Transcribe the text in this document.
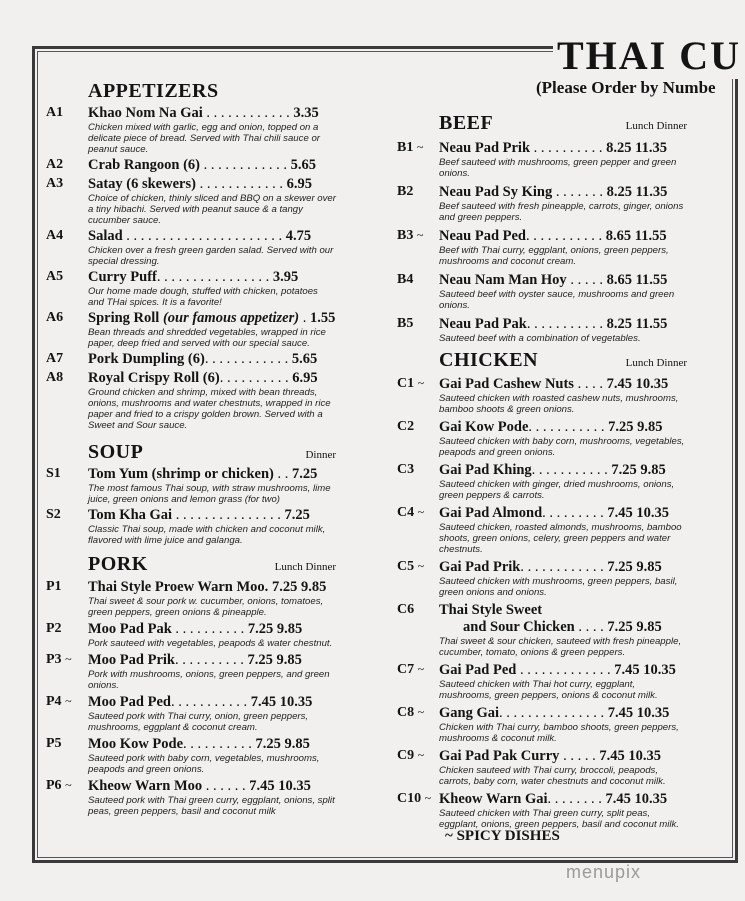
THAI CU
(Please Order by Numbe
APPETIZERS
A1	Khao Nom Na Gai . . . . . . . . . . . . 3.35
Chicken mixed with garlic, egg and onion, topped on a delicate piece of bread. Served with Thai chili sauce or peanut sauce.
A2	Crab Rangoon (6) . . . . . . . . . . . . 5.65
A3	Satay (6 skewers) . . . . . . . . . . . . 6.95
Choice of chicken, thinly sliced and BBQ on a skewer over a tiny hibachi. Served with peanut sauce & a tangy cucumber sauce.
A4	Salad . . . . . . . . . . . . . . . . . . . . . . 4.75
Chicken over a fresh green garden salad. Served with our special dressing.
A5	Curry Puff. . . . . . . . . . . . . . . . 3.95
Our home made dough, stuffed with chicken, potatoes and THai spices. It is a favorite!
A6	Spring Roll (our famous appetizer) . 1.55
Bean threads and shredded vegetables, wrapped in rice paper, deep fried and served with our special sauce.
A7	Pork Dumpling (6). . . . . . . . . . . . 5.65
A8	Royal Crispy Roll (6). . . . . . . . . . 6.95
Ground chicken and shrimp, mixed with bean threads, onions, mushrooms and water chestnuts, wrapped in rice paper and fried to a crispy golden brown. Served with a Sweet and Sour sauce.
SOUP	Dinner
S1	Tom Yum (shrimp or chicken) . . 7.25
The most famous Thai soup, with straw mushrooms, lime juice, green onions and lemon grass (for two)
S2	Tom Kha Gai . . . . . . . . . . . . . . . 7.25
Classic Thai soup, made with chicken and coconut milk, flavored with lime juice and galanga.
PORK	Lunch Dinner
P1	Thai Style Proew Warn Moo. 7.25 9.85
Thai sweet & sour pork w. cucumber, onions, tomatoes, green peppers, green onions & pineapple.
P2	Moo Pad Pak . . . . . . . . . . 7.25 9.85
Pork sauteed with vegetables, peapods & water chestnut.
P3 ~	Moo Pad Prik. . . . . . . . . . 7.25 9.85
Pork with mushrooms, onions, green peppers, and green onions.
P4 ~	Moo Pad Ped. . . . . . . . . . . 7.45 10.35
Sauteed pork with Thai curry, onion, green peppers, mushrooms, eggplant & coconut cream.
P5	Moo Kow Pode. . . . . . . . . . 7.25 9.85
Sauteed pork with baby corn, vegetables, mushrooms, peapods and green onions.
P6 ~	Kheow Warn Moo . . . . . . 7.45 10.35
Sauteed pork with Thai green curry, eggplant, onions, split peas, green peppers, basil and coconut milk
BEEF	Lunch Dinner
B1 ~	Neau Pad Prik . . . . . . . . . . 8.25 11.35
Beef sauteed with mushrooms, green pepper and green onions.
B2	Neau Pad Sy King . . . . . . . 8.25 11.35
Beef sauteed with fresh pineapple, carrots, ginger, onions and green peppers.
B3 ~	Neau Pad Ped. . . . . . . . . . . 8.65 11.55
Beef with Thai curry, eggplant, onions, green peppers, mushrooms and coconut cream.
B4	Neau Nam Man Hoy . . . . . 8.65 11.55
Sauteed beef with oyster sauce, mushrooms and green onions.
B5	Neau Pad Pak. . . . . . . . . . . 8.25 11.55
Sauteed beef with a combination of vegetables.
CHICKEN	Lunch Dinner
C1 ~	Gai Pad Cashew Nuts . . . . 7.45 10.35
Sauteed chicken with roasted cashew nuts, mushrooms, bamboo shoots & green onions.
C2	Gai Kow Pode. . . . . . . . . . . 7.25 9.85
Sauteed chicken with baby corn, mushrooms, vegetables, peapods and green onions.
C3	Gai Pad Khing. . . . . . . . . . . 7.25 9.85
Sauteed chicken with ginger, dried mushrooms, onions, green peppers & carrots.
C4 ~	Gai Pad Almond. . . . . . . . . 7.45 10.35
Sauteed chicken, roasted almonds, mushrooms, bamboo shoots, green onions, celery, green peppers and water chestnuts.
C5 ~	Gai Pad Prik. . . . . . . . . . . . 7.25 9.85
Sauteed chicken with mushrooms, green peppers, basil, green onions and onions.
C6	Thai Style Sweet
and Sour Chicken . . . . 7.25 9.85
Thai sweet & sour chicken, sauteed with fresh pineapple, cucumber, tomato, onions & green peppers.
C7 ~	Gai Pad Ped . . . . . . . . . . . . . 7.45 10.35
Sauteed chicken with Thai hot curry, eggplant, mushrooms, green peppers, onions & coconut milk.
C8 ~	Gang Gai. . . . . . . . . . . . . . . 7.45 10.35
Chicken with Thai curry, bamboo shoots, green peppers, mushrooms & coconut milk.
C9 ~	Gai Pad Pak Curry . . . . . 7.45 10.35
Chicken sauteed with Thai curry, broccoli, peapods, carrots, baby corn, water chestnuts and coconut milk.
C10 ~ Kheow Warn Gai. . . . . . . . 7.45 10.35
Sauteed chicken with Thai green curry, split peas, eggplant, onions, green peppers, basil and coconut milk.
~ SPICY DISHES
menupix
